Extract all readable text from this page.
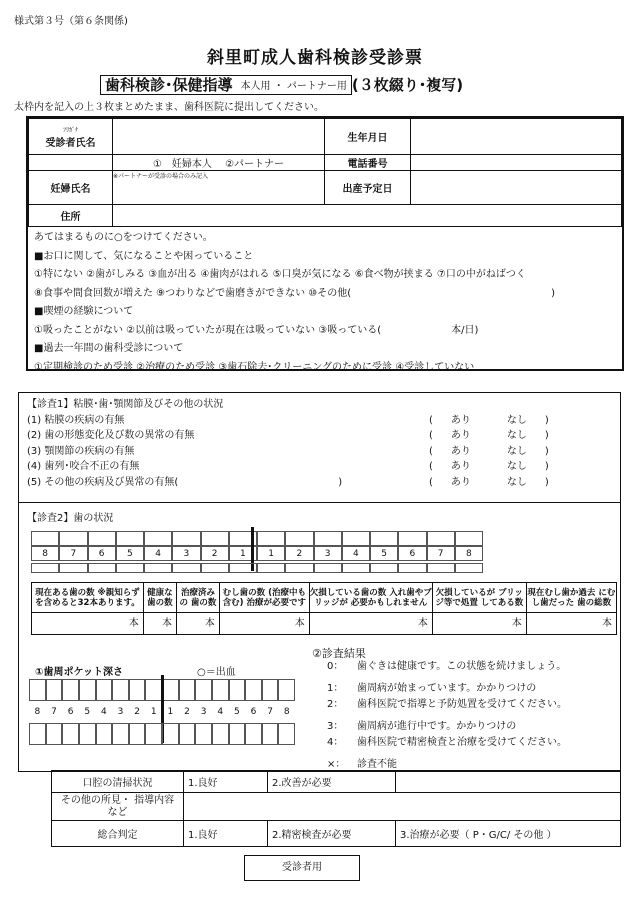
様式第３号（第６条関係)
斜里町成人歯科検診受診票
歯科検診･保健指導 本人用 ・ パートナー用 (３枚綴り･複写)
太枠内を記入の上３枚まとめたまま、歯科医院に提出してください。
ﾌﾘｶﾞﾅ
受診者氏名		生年月日	
	①　妊婦本人　 ②パートナー	電話番号	
妊婦氏名	※パートナーが受診の場合のみ記入	出産予定日	
住所			
あてはまるものに○をつけてください。
■お口に関して、気になることや困っていること
①特にない ②歯がしみる ③血が出る ④歯肉がはれる ⑤口臭が気になる ⑥食べ物が挟まる ⑦口の中がねばつく
⑧食事や間食回数が増えた ⑨つわりなどで歯磨きができない ⑩その他(　　　　　　　　　　　　　　　　　　　　)
■喫煙の経験について
①吸ったことがない ②以前は吸っていたが現在は吸っていない ③吸っている(　　　　　　　本/日)
■過去一年間の歯科受診について
①定期検診のため受診 ②治療のため受診 ③歯石除去･クリーニングのために受診 ④受診していない
【診査1】粘膜･歯･顎関節及びその他の状況
(1) 粘膜の疾病の有無	( あり	なし )
(2) 歯の形態変化及び数の異常の有無	( あり	なし )
(3) 顎関節の疾病の有無	( あり	なし )
(4) 歯列･咬合不正の有無	( あり	なし )
(5) その他の疾病及び異常の有無(　　　　　　　　　　　　　　　　)	( あり	なし )
【診査2】歯の状況
8	7	6	5	4	3	2	1	1	2	3	4	5	6	7	8
現在ある歯の数 ※親知らずを含めると32本あります。	健康な歯の数	治療済みの 歯の数	むし歯の数 (治療中も含む) 治療が必要です	欠損している歯の数 入れ歯やブリッジが 必要かもしれません	欠損しているが ブリッジ等で処置 してある数	現在むし歯か過去 にむし歯だった 歯の総数
本	本	本	本	本	本	本
②診査結果
①歯周ポケット深さ	○＝出血
8	7	6	5	4	3	2	1	1	2	3	4	5	6	7	8
0：	歯ぐきは健康です。この状態を続けましょう。
1：	歯周病が始まっています。かかりつけの
2：	歯科医院で指導と予防処置を受けてください。
3：	歯周病が進行中です。かかりつけの
4：	歯科医院で精密検査と治療を受けてください。
×：	診査不能
口腔の清掃状況	1.良好	2.改善が必要	
その他の所見・ 指導内容など			
総合判定	1.良好	2.精密検査が必要	3.治療が必要（ P・G/C/ その他 ）
受診者用
